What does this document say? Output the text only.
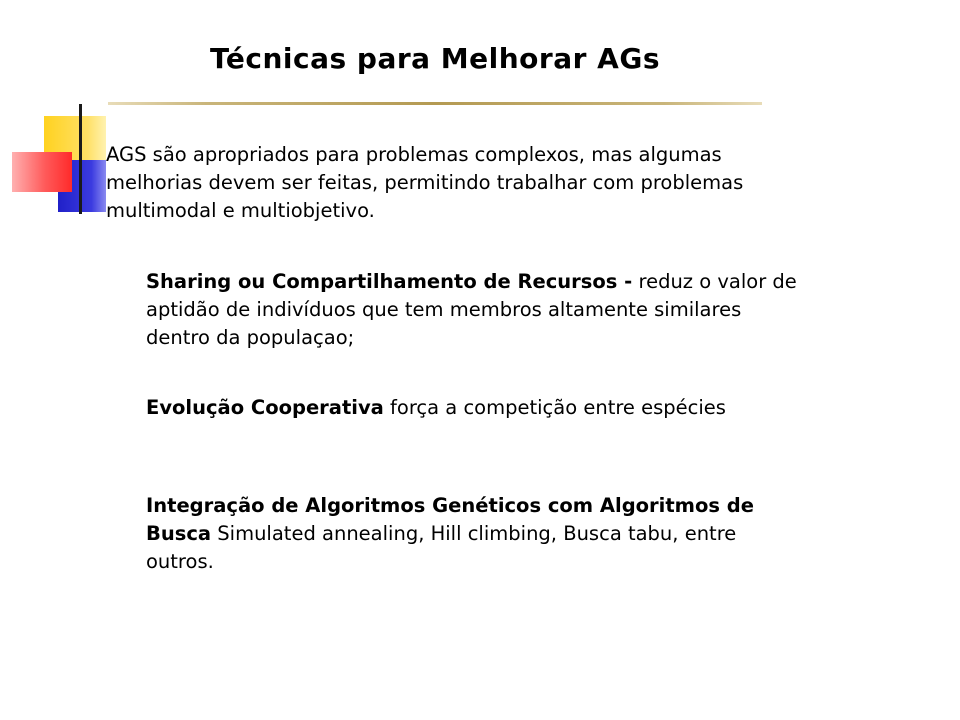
Técnicas para Melhorar AGs
AGS são apropriados para problemas complexos, mas algumas melhorias devem ser feitas, permitindo trabalhar com problemas multimodal e multiobjetivo.
Sharing ou Compartilhamento de Recursos - reduz o valor de aptidão de indivíduos que tem membros altamente similares dentro da populaçao;
Evolução Cooperativa força a competição entre espécies
Integração de Algoritmos Genéticos com Algoritmos de Busca Simulated annealing, Hill climbing, Busca tabu, entre outros.
